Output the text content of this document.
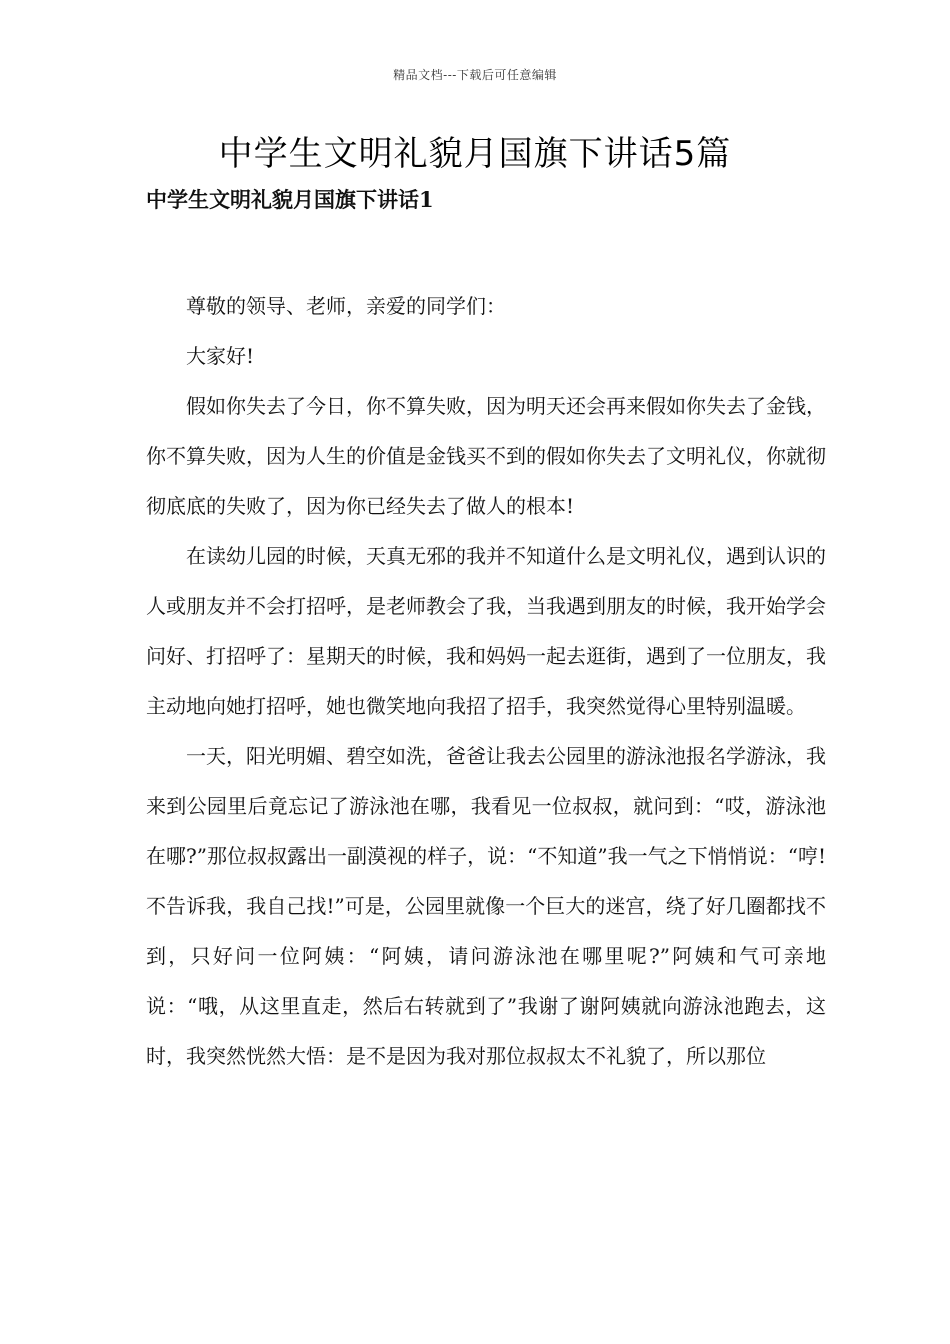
精品文档---下载后可任意编辑
中学生文明礼貌月国旗下讲话5篇
中学生文明礼貌月国旗下讲话1

尊敬的领导、老师，亲爱的同学们：

大家好!

假如你失去了今日，你不算失败，因为明天还会再来假如你失去了金钱，你不算失败，因为人生的价值是金钱买不到的假如你失去了文明礼仪，你就彻彻底底的失败了，因为你已经失去了做人的根本!

在读幼儿园的时候，天真无邪的我并不知道什么是文明礼仪，遇到认识的人或朋友并不会打招呼，是老师教会了我，当我遇到朋友的时候，我开始学会问好、打招呼了：星期天的时候，我和妈妈一起去逛街，遇到了一位朋友，我主动地向她打招呼，她也微笑地向我招了招手，我突然觉得心里特别温暖。

一天，阳光明媚、碧空如洗，爸爸让我去公园里的游泳池报名学游泳，我来到公园里后竟忘记了游泳池在哪，我看见一位叔叔，就问到：“哎，游泳池在哪?”那位叔叔露出一副漠视的样子，说：“不知道”我一气之下悄悄说：“哼!不告诉我，我自己找!”可是，公园里就像一个巨大的迷宫，绕了好几圈都找不到，只好问一位阿姨：“阿姨，请问游泳池在哪里呢?”阿姨和气可亲地说：“哦，从这里直走，然后右转就到了”我谢了谢阿姨就向游泳池跑去，这时，我突然恍然大悟：是不是因为我对那位叔叔太不礼貌了，所以那位
